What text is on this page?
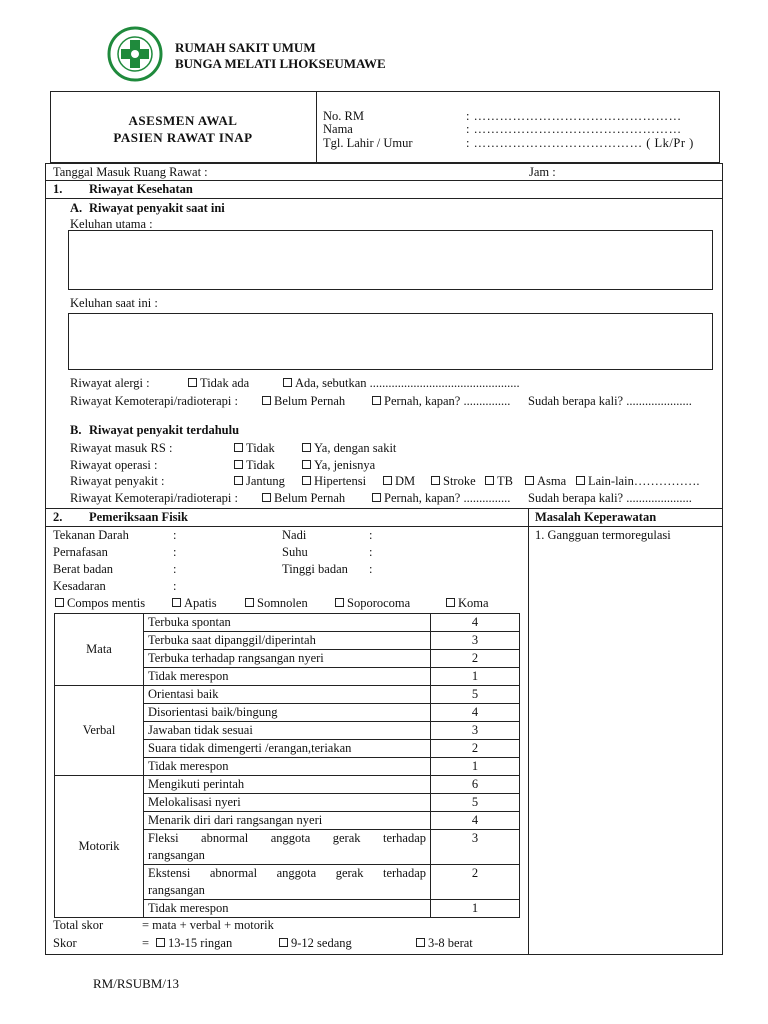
RUMAH SAKIT UMUM
BUNGA MELATI LHOKSEUMAWE
ASESMEN AWAL
PASIEN RAWAT INAP
No. RM	: …………………………………………
Nama	: …………………………………………
Tgl. Lahir / Umur	: ………………………………… ( Lk/Pr )
Tanggal Masuk Ruang Rawat :	Jam :
1. Riwayat Kesehatan
A. Riwayat penyakit saat ini
Keluhan utama :
Keluhan saat ini :
Riwayat alergi :	Tidak ada	Ada, sebutkan ................................................
Riwayat Kemoterapi/radioterapi :	Belum Pernah	Pernah, kapan? ............... Sudah berapa kali? .....................
B. Riwayat penyakit terdahulu
Riwayat masuk RS :	Tidak	Ya, dengan sakit
Riwayat operasi :	Tidak	Ya, jenisnya
Riwayat penyakit :	Jantung	Hipertensi	DM	Stroke	TB	Asma	Lain-lain…………….
Riwayat Kemoterapi/radioterapi :	Belum Pernah	Pernah, kapan? ............... Sudah berapa kali? .....................
2. Pemeriksaan Fisik	Masalah Keperawatan
1. Gangguan termoregulasi
Tekanan Darah	:	Nadi	:
Pernafasan	:	Suhu	:
Berat badan	:	Tinggi badan :
Kesadaran	:
Compos mentis	Apatis	Somnolen	Soporocoma	Koma
Mata	Terbuka spontan	4
	Terbuka saat dipanggil/diperintah	3
	Terbuka terhadap rangsangan nyeri	2
	Tidak merespon	1
Verbal	Orientasi baik	5
	Disorientasi baik/bingung	4
	Jawaban tidak sesuai	3
	Suara tidak dimengerti /erangan,teriakan	2
	Tidak merespon	1
Motorik	Mengikuti perintah	6
	Melokalisasi nyeri	5
	Menarik diri dari rangsangan nyeri	4

	Fleksi abnormal anggota gerak terhadap
rangsangan	3

	Ekstensi abnormal anggota gerak terhadap
rangsangan	2
	Tidak merespon	1
Total skor	= mata + verbal + motorik
Skor	=	13-15 ringan	9-12 sedang	3-8 berat
RM/RSUBM/13
